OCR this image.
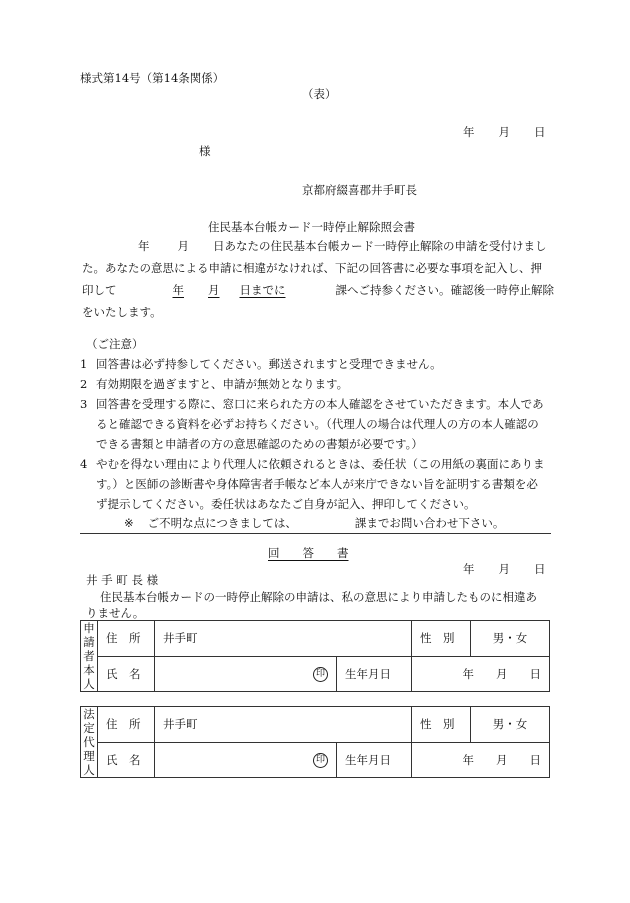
様式第14号（第14条関係）
（表）
年 月 日
様
京都府綴喜郡井手町長
住民基本台帳カード一時停止解除照会書
年 月 日あなたの住民基本台帳カード一時停止解除の申請を受付けまし
た。あなたの意思による申請に相違がなければ、下記の回答書に必要な事項を記入し、押
印して	年 月 日までに	課へご持参ください。確認後一時停止解除
をいたします。
（ご注意）
1 回答書は必ず持参してください。郵送されますと受理できません。
2 有効期限を過ぎますと、申請が無効となります。
3 回答書を受理する際に、窓口に来られた方の本人確認をさせていただきます。本人であ
ると確認できる資料を必ずお持ちください。（代理人の場合は代理人の方の本人確認の
できる書類と申請者の方の意思確認のための書類が必要です。）
4 やむを得ない理由により代理人に依頼されるときは、委任状（この用紙の裏面にありま
す。）と医師の診断書や身体障害者手帳など本人が来庁できない旨を証明する書類を必
ず提示してください。委任状はあなたご自身が記入、押印してください。
※ ご不明な点につきましては、	課までお問い合わせ下さい。
回　　答　　書
年 月 日
井 手 町 長 様
住民基本台帳カードの一時停止解除の申請は、私の意思により申請したものに相違あ
りません。
申請者本人	住　所	井手町		性　別	男・女
	氏　名	印	生年月日	年 月 日	
法定代理人	住　所	井手町		性　別	男・女
	氏　名	印	生年月日	年 月 日	
